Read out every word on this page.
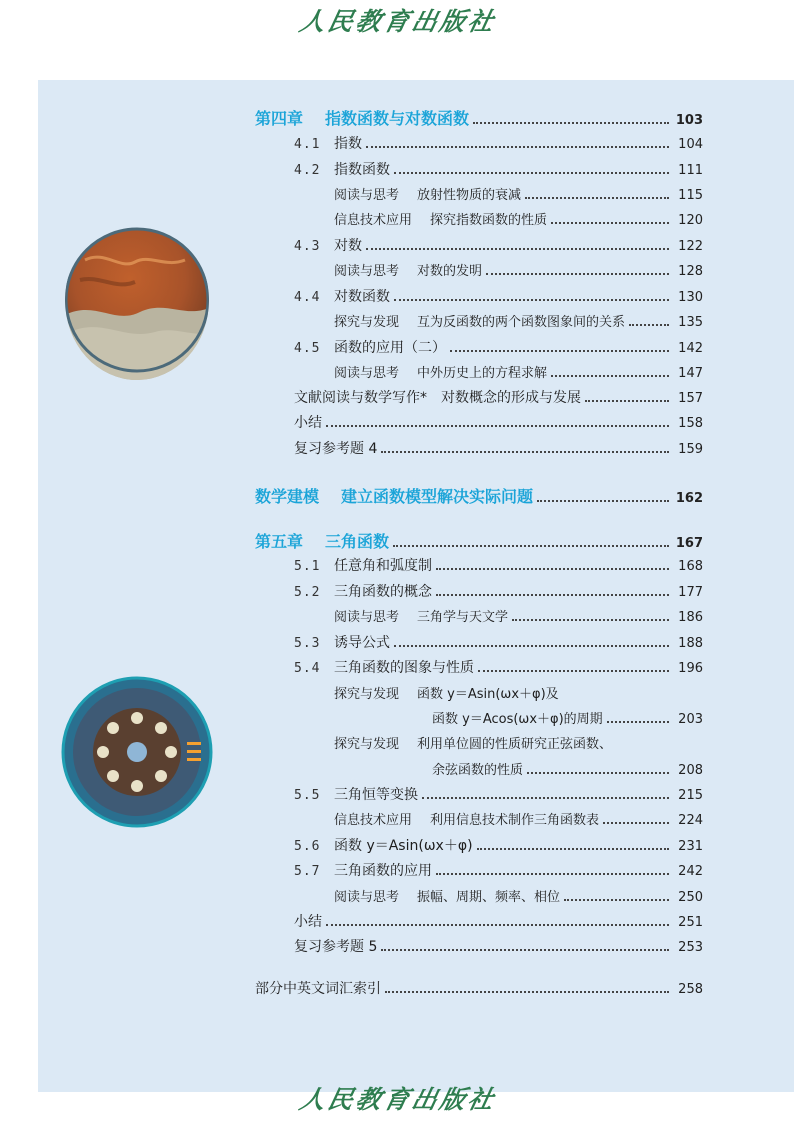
人民教育出版社
第四章 指数函数与对数函数	103
4.1 指数	104
4.2 指数函数	111
阅读与思考 放射性物质的衰减	115
信息技术应用 探究指数函数的性质	120
4.3 对数	122
阅读与思考 对数的发明	128
4.4 对数函数	130
探究与发现 互为反函数的两个函数图象间的关系	135
4.5 函数的应用（二）	142
阅读与思考 中外历史上的方程求解	147
文献阅读与数学写作*　对数概念的形成与发展	157
小结	158
复习参考题 4	159
数学建模 建立函数模型解决实际问题	162
第五章 三角函数	167
5.1 任意角和弧度制	168
5.2 三角函数的概念	177
阅读与思考 三角学与天文学	186
5.3 诱导公式	188
5.4 三角函数的图象与性质	196
探究与发现 函数 y＝Asin(ωx＋φ)及
函数 y＝Acos(ωx＋φ)的周期	203
探究与发现 利用单位圆的性质研究正弦函数、
余弦函数的性质	208
5.5 三角恒等变换	215
信息技术应用 利用信息技术制作三角函数表	224
5.6 函数 y＝Asin(ωx＋φ)	231
5.7 三角函数的应用	242
阅读与思考 振幅、周期、频率、相位	250
小结	251
复习参考题 5	253
部分中英文词汇索引	258
人民教育出版社
